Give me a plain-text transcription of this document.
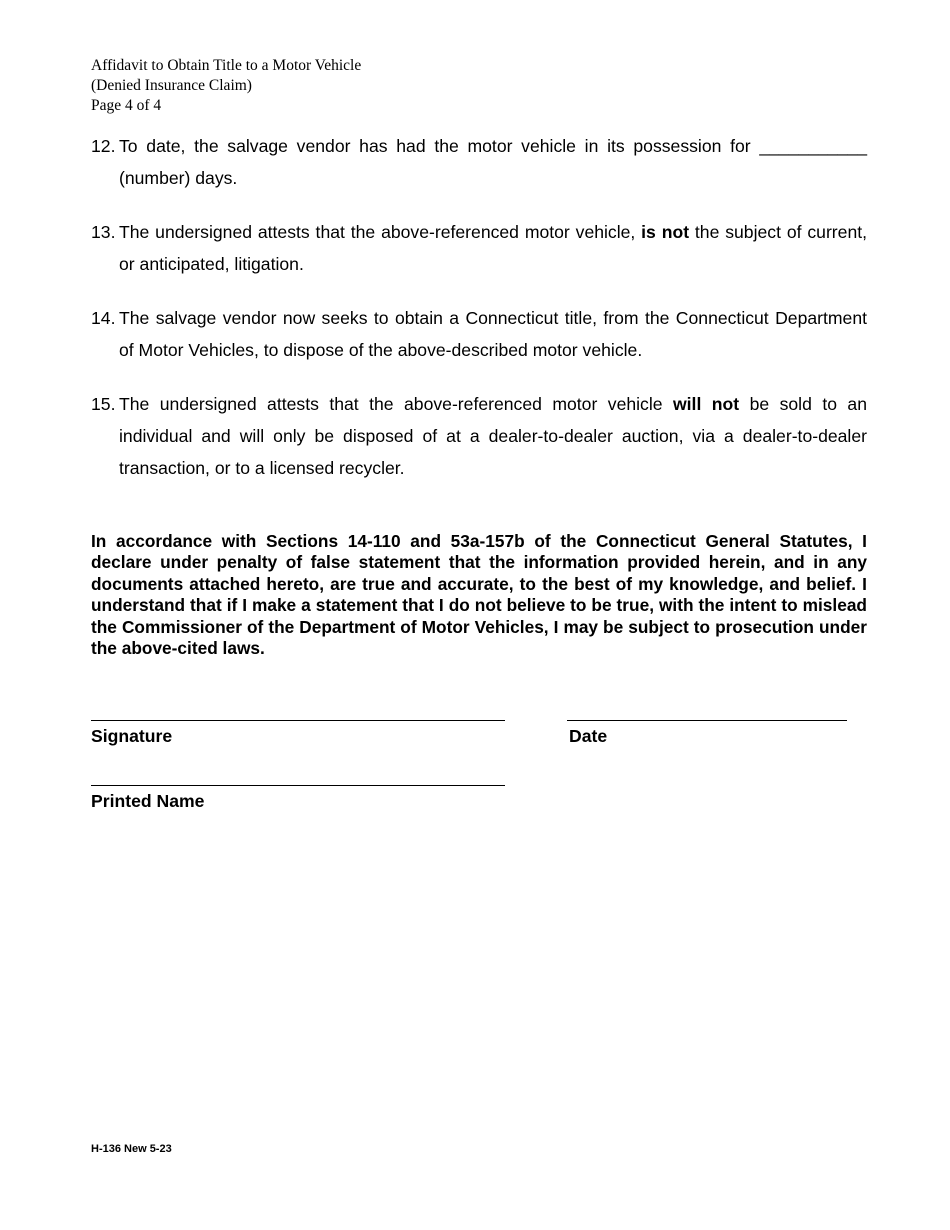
Affidavit to Obtain Title to a Motor Vehicle
(Denied Insurance Claim)
Page 4 of 4
12. To date, the salvage vendor has had the motor vehicle in its possession for ___________ (number) days.
13. The undersigned attests that the above-referenced motor vehicle, is not the subject of current, or anticipated, litigation.
14. The salvage vendor now seeks to obtain a Connecticut title, from the Connecticut Department of Motor Vehicles, to dispose of the above-described motor vehicle.
15. The undersigned attests that the above-referenced motor vehicle will not be sold to an individual and will only be disposed of at a dealer-to-dealer auction, via a dealer-to-dealer transaction, or to a licensed recycler.
In accordance with Sections 14-110 and 53a-157b of the Connecticut General Statutes, I declare under penalty of false statement that the information provided herein, and in any documents attached hereto, are true and accurate, to the best of my knowledge, and belief. I understand that if I make a statement that I do not believe to be true, with the intent to mislead the Commissioner of the Department of Motor Vehicles, I may be subject to prosecution under the above-cited laws.
Signature	Date
Printed Name
H-136 New 5-23
